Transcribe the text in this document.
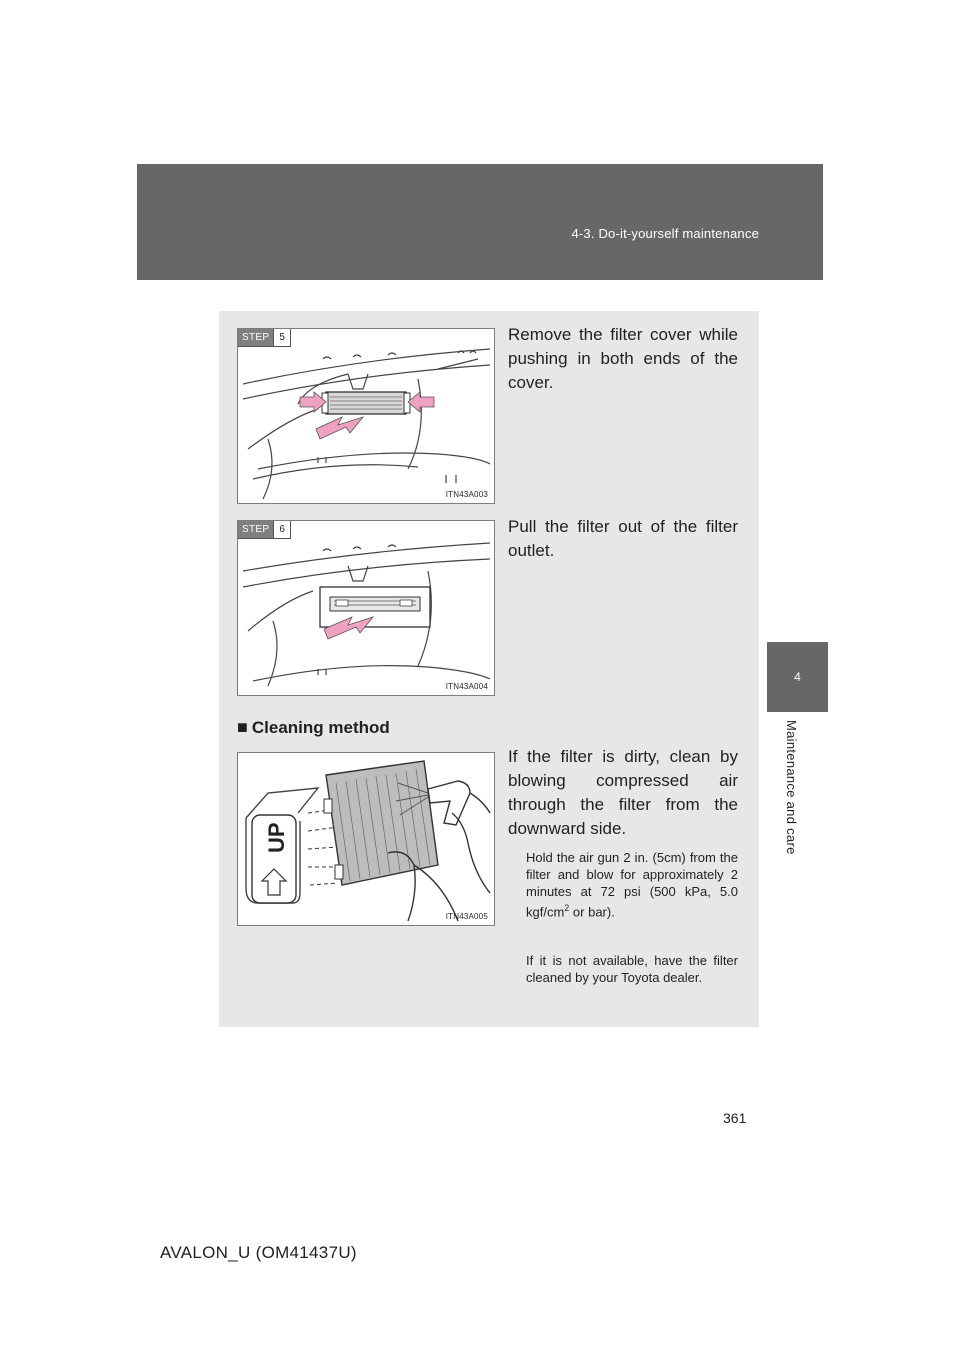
4-3. Do-it-yourself maintenance
4
Maintenance and care
STEP	5
ITN43A003
Remove the filter cover while pushing in both ends of the cover.
STEP	6
ITN43A004
Pull the filter out of the filter outlet.
■ Cleaning method
UP
ITN43A005
If the filter is dirty, clean by blowing compressed air through the filter from the downward side.
Hold the air gun 2 in. (5cm) from the filter and blow for approximately 2 minutes at 72 psi (500 kPa, 5.0 kgf/$cm^2$ or bar).
If it is not available, have the filter cleaned by your Toyota dealer.
361
AVALON_U (OM41437U)
